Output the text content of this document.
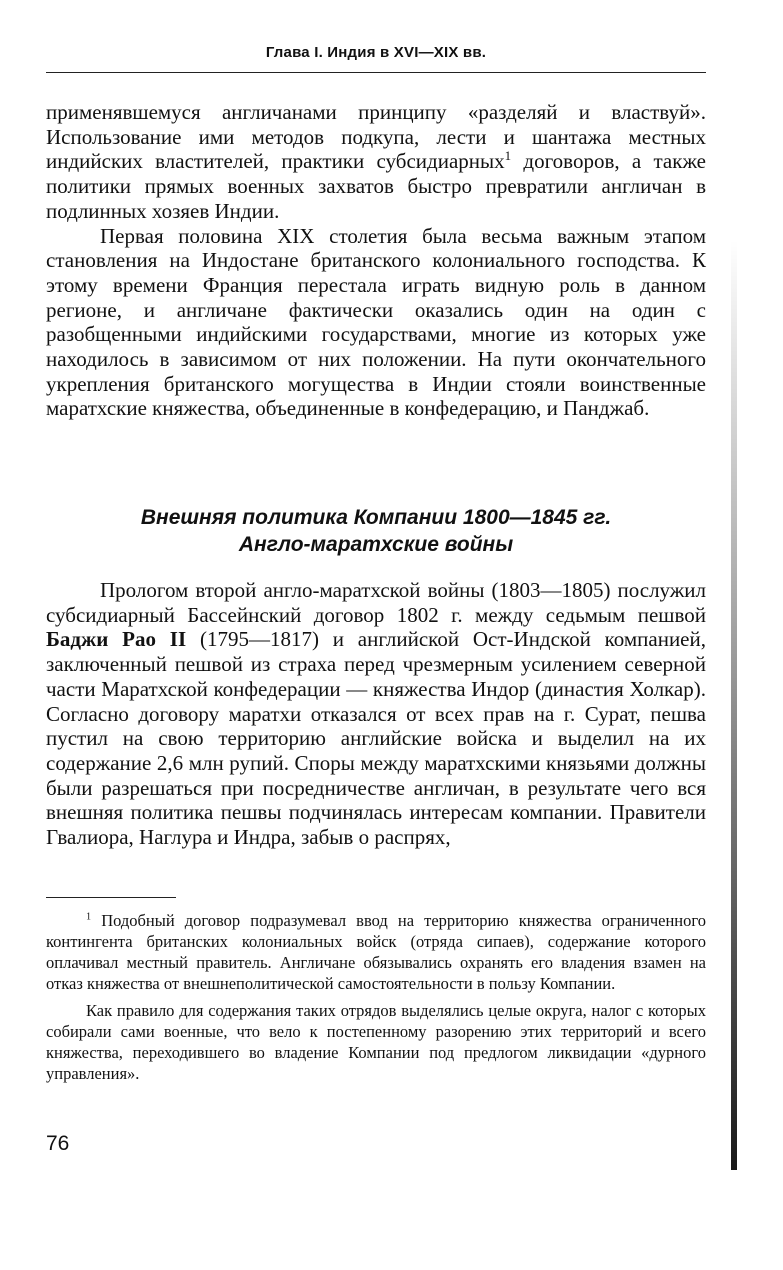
Глава I. Индия в XVI—XIX вв.

применявшемуся англичанами принципу «разделяй и властвуй». Использование ими методов подкупа, лести и шантажа местных индийских властителей, практики субсидиарных$^1$ договоров, а также политики прямых военных захватов быстро превратили англичан в подлинных хозяев Индии.

Первая половина XIX столетия была весьма важным этапом становления на Индостане британского колониального господства. К этому времени Франция перестала играть видную роль в данном регионе, и англичане фактически оказались один на один с разобщенными индийскими государствами, многие из которых уже находилось в зависимом от них положении. На пути окончательного укрепления британского могущества в Индии стояли воинственные маратхские княжества, объединенные в конфедерацию, и Панджаб.

Внешняя политика Компании 1800—1845 гг.
Англо-маратхские войны

Прологом второй англо-маратхской войны (1803—1805) послужил субсидиарный Бассейнский договор 1802 г. между седьмым пешвой Баджи Рао II (1795—1817) и английской Ост-Индской компанией, заключенный пешвой из страха перед чрезмерным усилением северной части Маратхской конфедерации — княжества Индор (династия Холкар). Согласно договору маратхи отказался от всех прав на г. Сурат, пешва пустил на свою территорию английские войска и выделил на их содержание 2,6 млн рупий. Споры между маратхскими князьями должны были разрешаться при посредничестве англичан, в результате чего вся внешняя политика пешвы подчинялась интересам компании. Правители Гвалиора, Наглура и Индра, забыв о распрях,

$^1$ Подобный договор подразумевал ввод на территорию княжества ограниченного контингента британских колониальных войск (отряда сипаев), содержание которого оплачивал местный правитель. Англичане обязывались охранять его владения взамен на отказ княжества от внешнеполитической самостоятельности в пользу Компании.

Как правило для содержания таких отрядов выделялись целые округа, налог с которых собирали сами военные, что вело к постепенному разорению этих территорий и всего княжества, переходившего во владение Компании под предлогом ликвидации «дурного управления».

76
